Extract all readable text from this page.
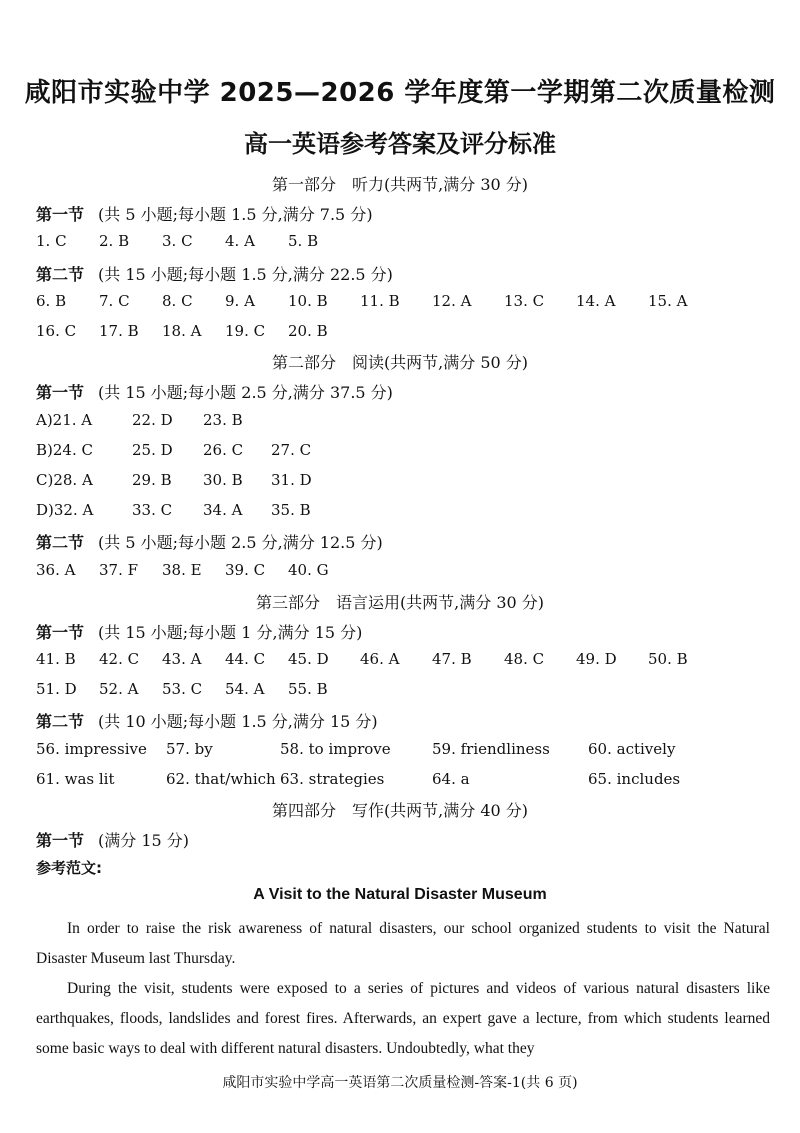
咸阳市实验中学 2025—2026 学年度第一学期第二次质量检测
高一英语参考答案及评分标准
第一部分　听力(共两节,满分 30 分)
第一节 (共 5 小题;每小题 1.5 分,满分 7.5 分)
1. C 2. B 3. C 4. A 5. B
第二节 (共 15 小题;每小题 1.5 分,满分 22.5 分)
6. B 7. C 8. C 9. A 10. B 11. B 12. A 13. C 14. A 15. A
16. C 17. B 18. A 19. C 20. B
第二部分　阅读(共两节,满分 50 分)
第一节 (共 15 小题;每小题 2.5 分,满分 37.5 分)
A)21. A	22. D 23. B
B)24. C	25. D 26. C 27. C
C)28. A	29. B 30. B 31. D
D)32. A	33. C 34. A 35. B
第二节 (共 5 小题;每小题 2.5 分,满分 12.5 分)
36. A 37. F 38. E 39. C 40. G
第三部分　语言运用(共两节,满分 30 分)
第一节 (共 15 小题;每小题 1 分,满分 15 分)
41. B 42. C 43. A 44. C 45. D 46. A 47. B 48. C 49. D 50. B
51. D 52. A 53. C 54. A 55. B
第二节 (共 10 小题;每小题 1.5 分,满分 15 分)
56. impressive 57. by	58. to improve	59. friendliness	60. actively
61. was lit	62. that/which 63. strategies	64. a	65. includes
第四部分　写作(共两节,满分 40 分)
第一节 (满分 15 分)
参考范文:
A Visit to the Natural Disaster Museum

In order to raise the risk awareness of natural disasters, our school organized students to visit the Natural Disaster Museum last Thursday.

During the visit, students were exposed to a series of pictures and videos of various natural disasters like earthquakes, floods, landslides and forest fires. Afterwards, an expert gave a lecture, from which students learned some basic ways to deal with different natural disasters. Undoubtedly, what they

咸阳市实验中学高一英语第二次质量检测-答案-1(共 6 页)
